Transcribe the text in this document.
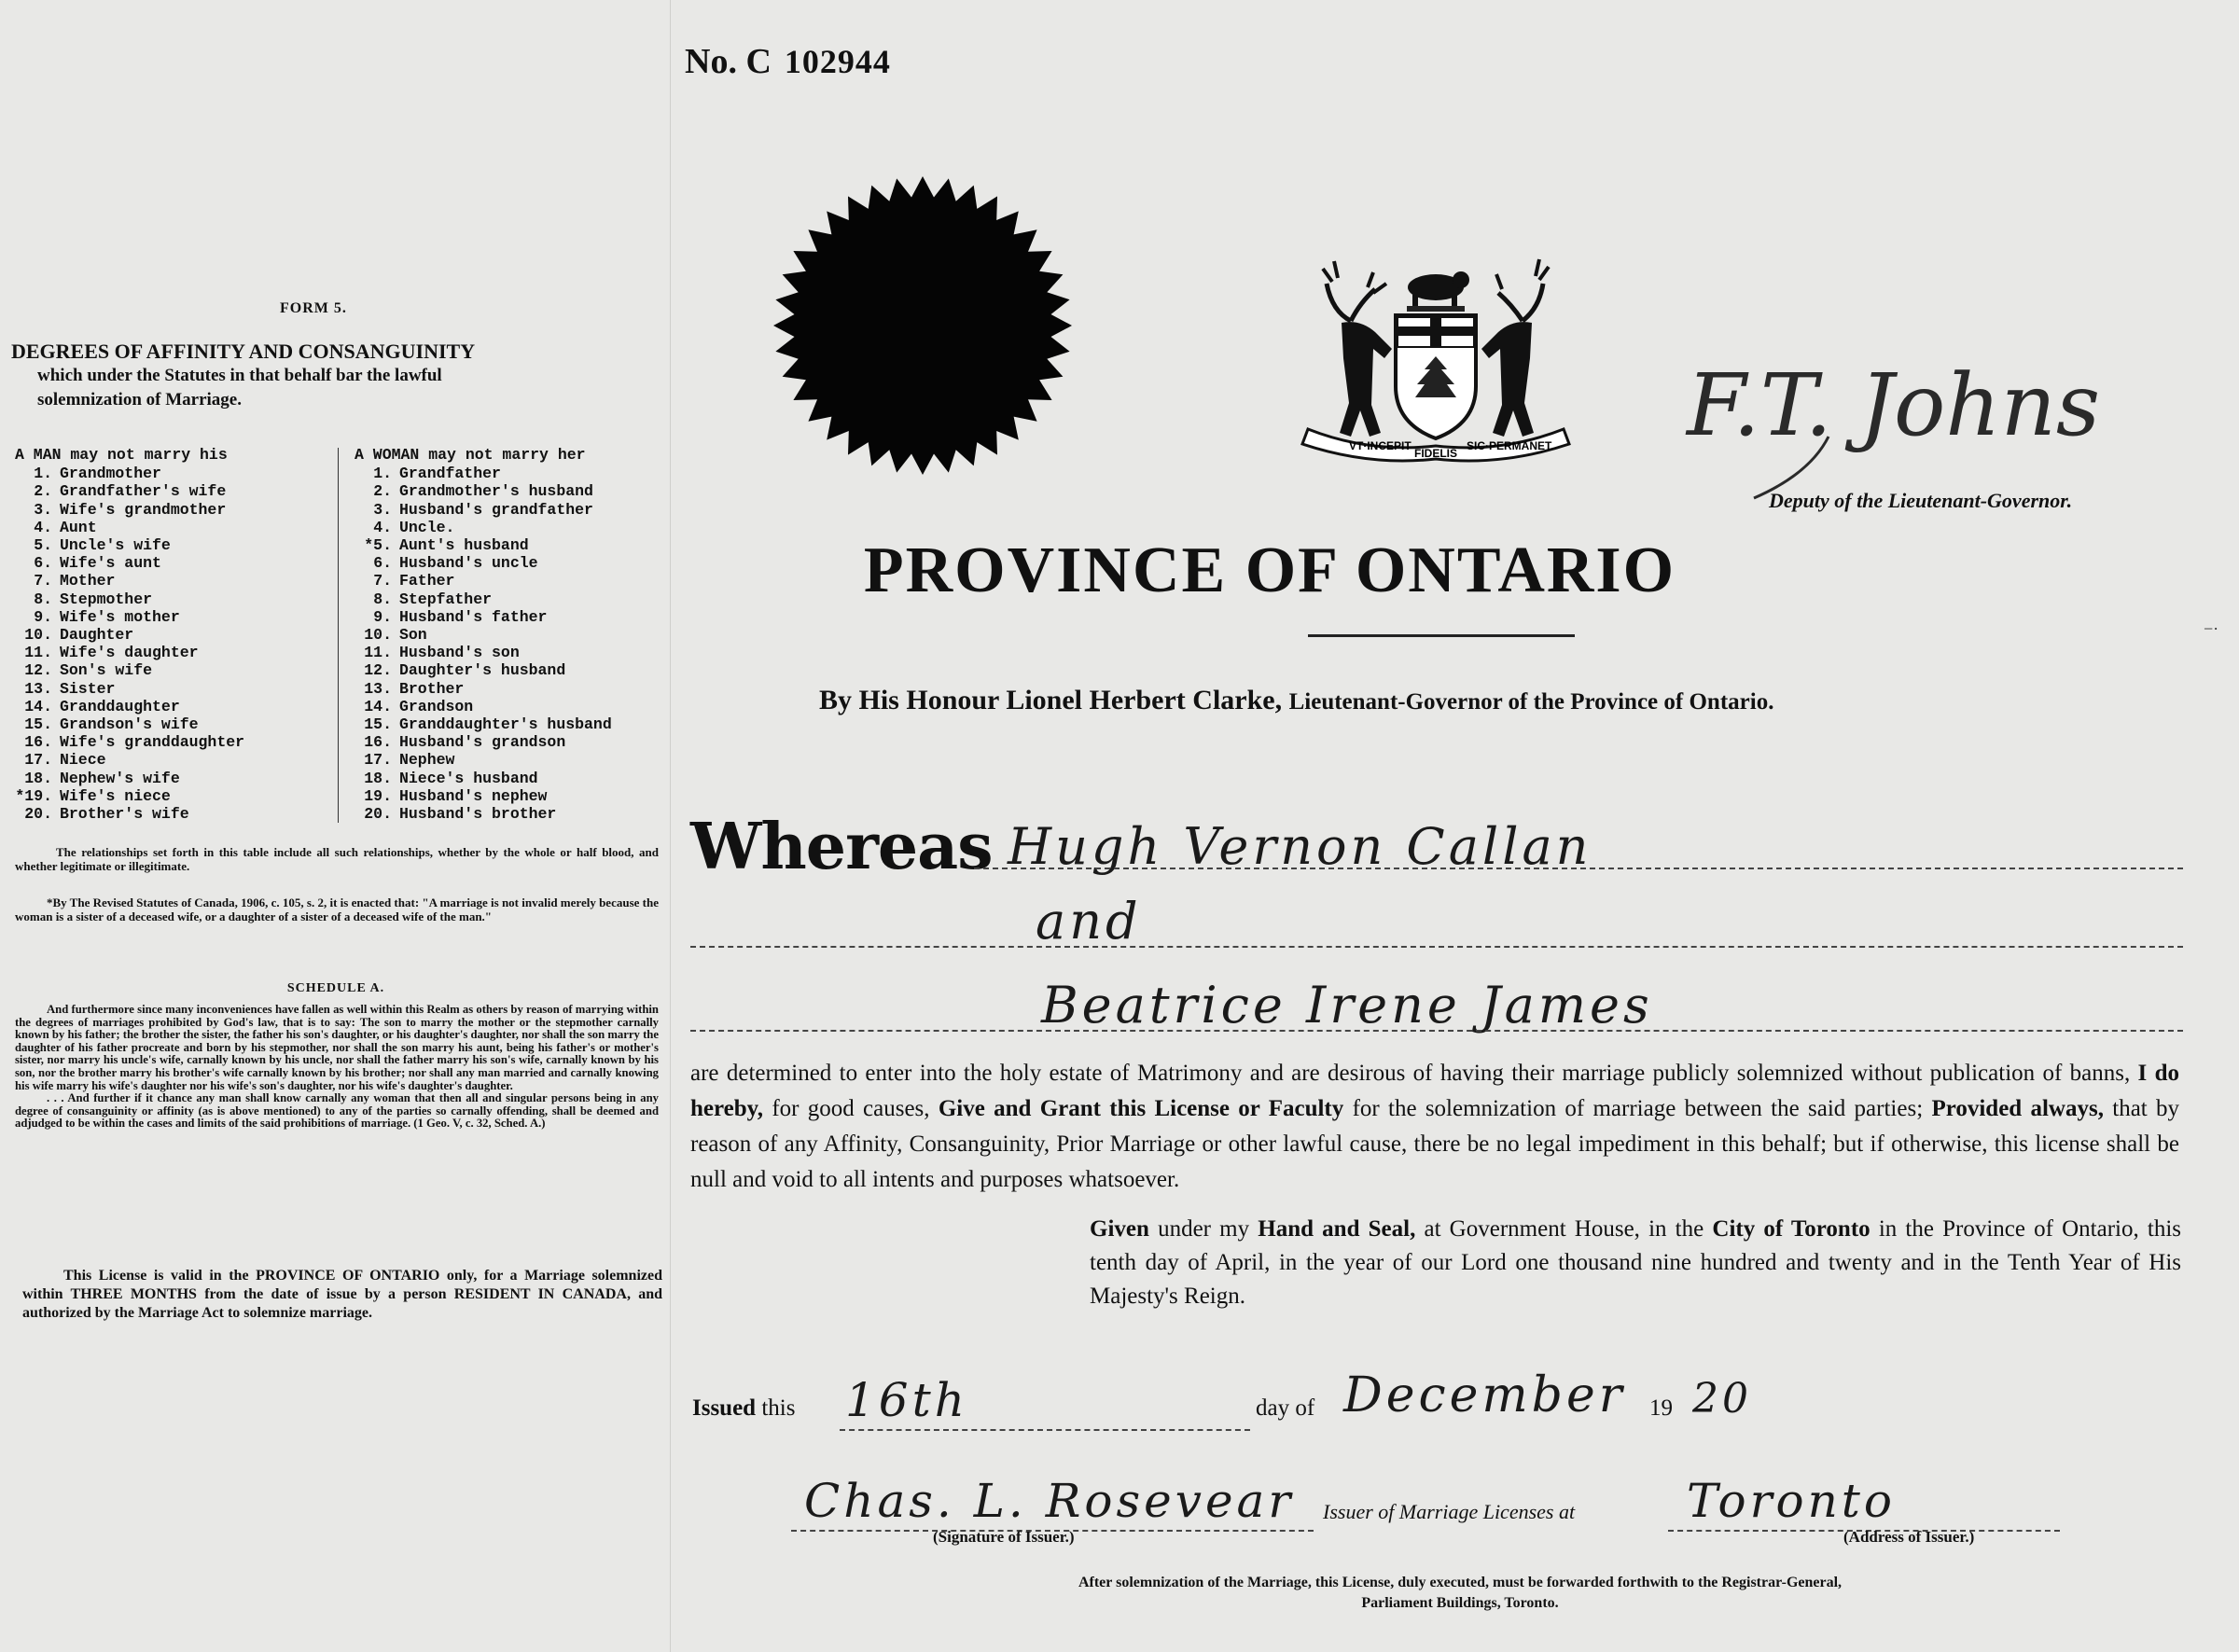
FORM 5.
DEGREES OF AFFINITY AND CONSANGUINITY
which under the Statutes in that behalf bar the lawful
solemnization of Marriage.
A MAN may not marry his
1. Grandmother
2. Grandfather's wife
3. Wife's grandmother
4. Aunt
5. Uncle's wife
6. Wife's aunt
7. Mother
8. Stepmother
9. Wife's mother
10. Daughter
11. Wife's daughter
12. Son's wife
13. Sister
14. Granddaughter
15. Grandson's wife
16. Wife's granddaughter
17. Niece
18. Nephew's wife
*19. Wife's niece
20. Brother's wife
A WOMAN may not marry her
1. Grandfather
2. Grandmother's husband
3. Husband's grandfather
4. Uncle.
*5. Aunt's husband
6. Husband's uncle
7. Father
8. Stepfather
9. Husband's father
10. Son
11. Husband's son
12. Daughter's husband
13. Brother
14. Grandson
15. Granddaughter's husband
16. Husband's grandson
17. Nephew
18. Niece's husband
19. Husband's nephew
20. Husband's brother
The relationships set forth in this table include all such relationships, whether by the whole or half blood, and whether legitimate or illegitimate.
*By The Revised Statutes of Canada, 1906, c. 105, s. 2, it is enacted that: "A marriage is not invalid merely because the woman is a sister of a deceased wife, or a daughter of a sister of a deceased wife of the man."
SCHEDULE A.

And furthermore since many inconveniences have fallen as well within this Realm as others by reason of marrying within the degrees of marriages prohibited by God's law, that is to say: The son to marry the mother or the stepmother carnally known by his father; the brother the sister, the father his son's daughter, or his daughter's daughter, nor shall the son marry the daughter of his father procreate and born by his stepmother, nor shall the son marry his aunt, being his father's or mother's sister, nor marry his uncle's wife, carnally known by his uncle, nor shall the father marry his son's wife, carnally known by his son, nor the brother marry his brother's wife carnally known by his brother; nor shall any man married and carnally knowing his wife marry his wife's daughter nor his wife's son's daughter, nor his wife's daughter's daughter.

. . . And further if it chance any man shall know carnally any woman that then all and singular persons being in any degree of consanguinity or affinity (as is above mentioned) to any of the parties so carnally offending, shall be deemed and adjudged to be within the cases and limits of the said prohibitions of marriage. (1 Geo. V, c. 32, Sched. A.)

This License is valid in the PROVINCE OF ONTARIO only, for a Marriage solemnized within THREE MONTHS from the date of issue by a person RESIDENT IN CANADA, and authorized by the Marriage Act to solemnize marriage.
No. C 102944
VT·INCEPIT
FIDELIS
SIC·PERMANET F.T. Johns
Deputy of the Lieutenant-Governor.
PROVINCE OF ONTARIO
By His Honour Lionel Herbert Clarke, Lieutenant-Governor of the Province of Ontario.
Whereas Hugh Vernon Callan
and
Beatrice Irene James
are determined to enter into the holy estate of Matrimony and are desirous of having their marriage publicly solemnized without publication of banns, I do hereby, for good causes, Give and Grant this License or Faculty for the solemnization of marriage between the said parties; Provided always, that by reason of any Affinity, Consanguinity, Prior Marriage or other lawful cause, there be no legal impediment in this behalf; but if otherwise, this license shall be null and void to all intents and purposes whatsoever.
Given under my Hand and Seal, at Government House, in the City of Toronto in the Province of Ontario, this tenth day of April, in the year of our Lord one thousand nine hundred and twenty and in the Tenth Year of His Majesty's Reign.
Issued this 16th	day of December 19 20
Chas. L. Rosevear Issuer of Marriage Licenses at Toronto
(Signature of Issuer.)	(Address of Issuer.)
After solemnization of the Marriage, this License, duly executed, must be forwarded forthwith to the Registrar-General,
Parliament Buildings, Toronto.
−·
